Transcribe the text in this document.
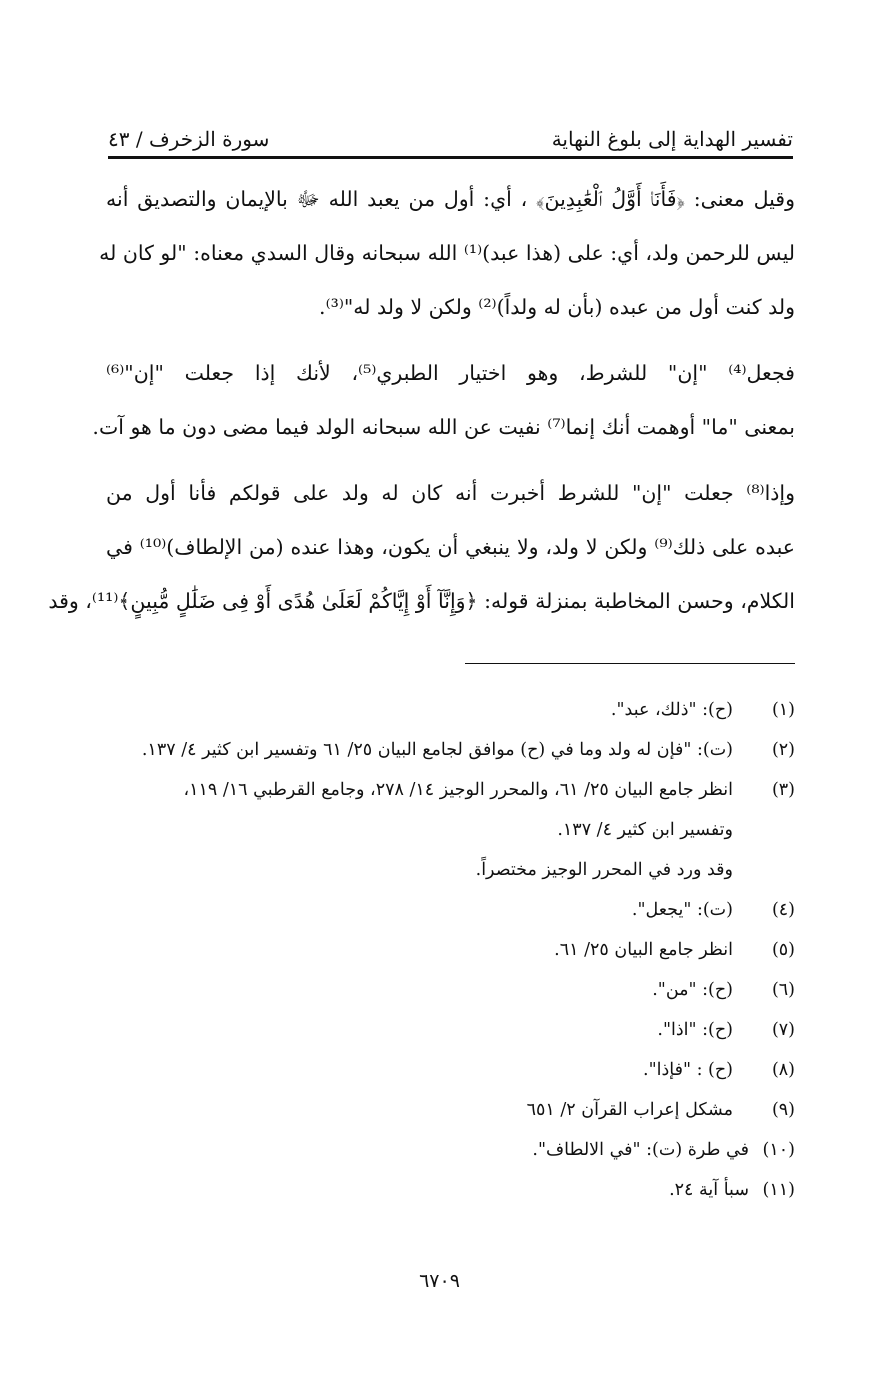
تفسير الهداية إلى بلوغ النهاية
سورة الزخرف / ٤٣

وقيل معنى: ﴿فَأَنَا۠ أَوَّلُ ٱلْعَٰبِدِينَ﴾ ، أي: أول من يعبد الله ﷻ بالإيمان والتصديق أنه
ليس للرحمن ولد، أي: على (هذا عبد)⁽¹⁾ الله سبحانه وقال السدي معناه: "لو كان له
ولد كنت أول من عبده (بأن له ولداً)⁽²⁾ ولكن لا ولد له"⁽³⁾.

فجعل⁽⁴⁾ "إن" للشرط، وهو اختيار الطبري⁽⁵⁾، لأنك إذا جعلت "إن"⁽⁶⁾
بمعنى "ما" أوهمت أنك إنما⁽⁷⁾ نفيت عن الله سبحانه الولد فيما مضى دون ما هو آت.

وإذا⁽⁸⁾ جعلت "إن" للشرط أخبرت أنه كان له ولد على قولكم فأنا أول من
عبده على ذلك⁽⁹⁾ ولكن لا ولد، ولا ينبغي أن يكون، وهذا عنده (من الإلطاف)⁽¹⁰⁾ في
الكلام، وحسن المخاطبة بمنزلة قوله: ﴿وَإِنَّآ أَوْ إِيَّاكُمْ لَعَلَىٰ هُدًى أَوْ فِى ضَلَٰلٍ مُّبِينٍ﴾⁽¹¹⁾، وقد

(١)
(ح): "ذلك، عبد".
(٢)
(ت): "فإن له ولد وما في (ح) موافق لجامع البيان ٢٥/ ٦١ وتفسير ابن كثير ٤/ ١٣٧.
(٣)
انظر جامع البيان ٢٥/ ٦١، والمحرر الوجيز ١٤/ ٢٧٨، وجامع القرطبي ١٦/ ١١٩،
وتفسير ابن كثير ٤/ ١٣٧.
وقد ورد في المحرر الوجيز مختصراً.
(٤)
(ت): "يجعل".
(٥)
انظر جامع البيان ٢٥/ ٦١.
(٦)
(ح): "من".
(٧)
(ح): "اذا".
(٨)
(ح) : "فإذا".
(٩)
مشكل إعراب القرآن ٢/ ٦٥١
(١٠)
في طرة (ت): "في الالطاف".
(١١)
سبأ آية ٢٤.
٦٧٠٩
